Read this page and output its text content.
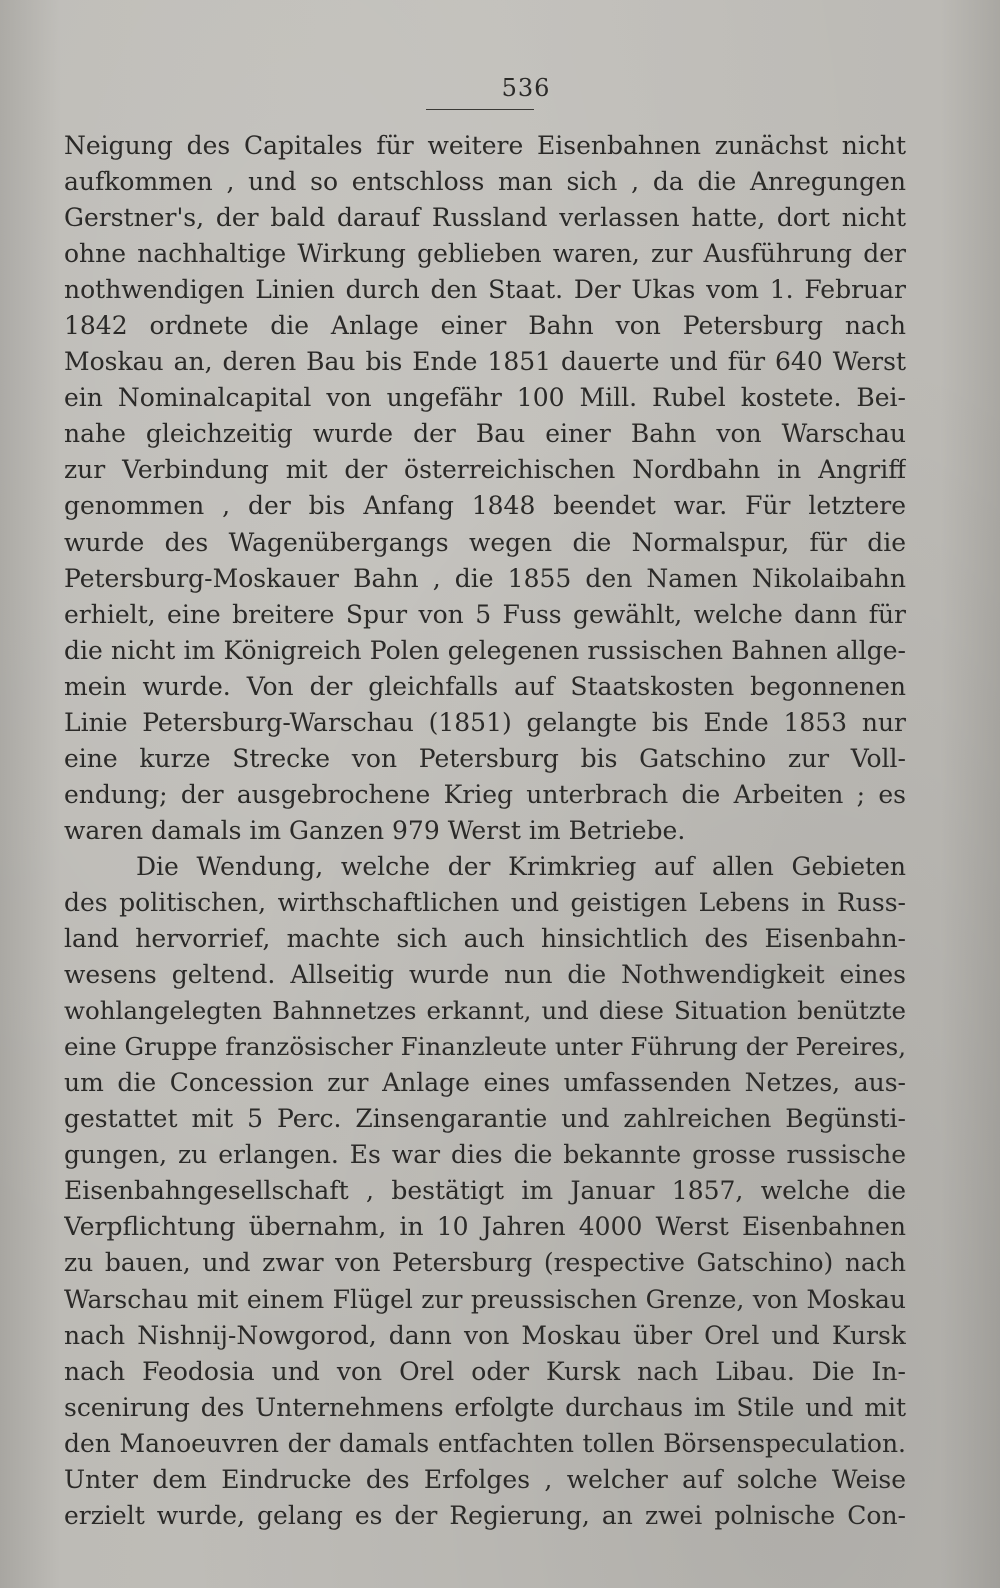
536
Neigung des Capitales für weitere Eisenbahnen zunächst nicht
aufkommen , und so entschloss man sich , da die Anregungen
Gerstner's, der bald darauf Russland verlassen hatte, dort nicht
ohne nachhaltige Wirkung geblieben waren, zur Ausführung der
nothwendigen Linien durch den Staat. Der Ukas vom 1. Februar
1842 ordnete die Anlage einer Bahn von Petersburg nach
Moskau an, deren Bau bis Ende 1851 dauerte und für 640 Werst
ein Nominalcapital von ungefähr 100 Mill. Rubel kostete. Bei-
nahe gleichzeitig wurde der Bau einer Bahn von Warschau
zur Verbindung mit der österreichischen Nordbahn in Angriff
genommen , der bis Anfang 1848 beendet war. Für letztere
wurde des Wagenübergangs wegen die Normalspur, für die
Petersburg-Moskauer Bahn , die 1855 den Namen Nikolaibahn
erhielt, eine breitere Spur von 5 Fuss gewählt, welche dann für
die nicht im Königreich Polen gelegenen russischen Bahnen allge-
mein wurde. Von der gleichfalls auf Staatskosten begonnenen
Linie Petersburg-Warschau (1851) gelangte bis Ende 1853 nur
eine kurze Strecke von Petersburg bis Gatschino zur Voll-
endung; der ausgebrochene Krieg unterbrach die Arbeiten ; es
waren damals im Ganzen 979 Werst im Betriebe.
Die Wendung, welche der Krimkrieg auf allen Gebieten
des politischen, wirthschaftlichen und geistigen Lebens in Russ-
land hervorrief, machte sich auch hinsichtlich des Eisenbahn-
wesens geltend. Allseitig wurde nun die Nothwendigkeit eines
wohlangelegten Bahnnetzes erkannt, und diese Situation benützte
eine Gruppe französischer Finanzleute unter Führung der Pereires,
um die Concession zur Anlage eines umfassenden Netzes, aus-
gestattet mit 5 Perc. Zinsengarantie und zahlreichen Begünsti-
gungen, zu erlangen. Es war dies die bekannte grosse russische
Eisenbahngesellschaft , bestätigt im Januar 1857, welche die
Verpflichtung übernahm, in 10 Jahren 4000 Werst Eisenbahnen
zu bauen, und zwar von Petersburg (respective Gatschino) nach
Warschau mit einem Flügel zur preussischen Grenze, von Moskau
nach Nishnij-Nowgorod, dann von Moskau über Orel und Kursk
nach Feodosia und von Orel oder Kursk nach Libau. Die In-
scenirung des Unternehmens erfolgte durchaus im Stile und mit
den Manoeuvren der damals entfachten tollen Börsenspeculation.
Unter dem Eindrucke des Erfolges , welcher auf solche Weise
erzielt wurde, gelang es der Regierung, an zwei polnische Con-
